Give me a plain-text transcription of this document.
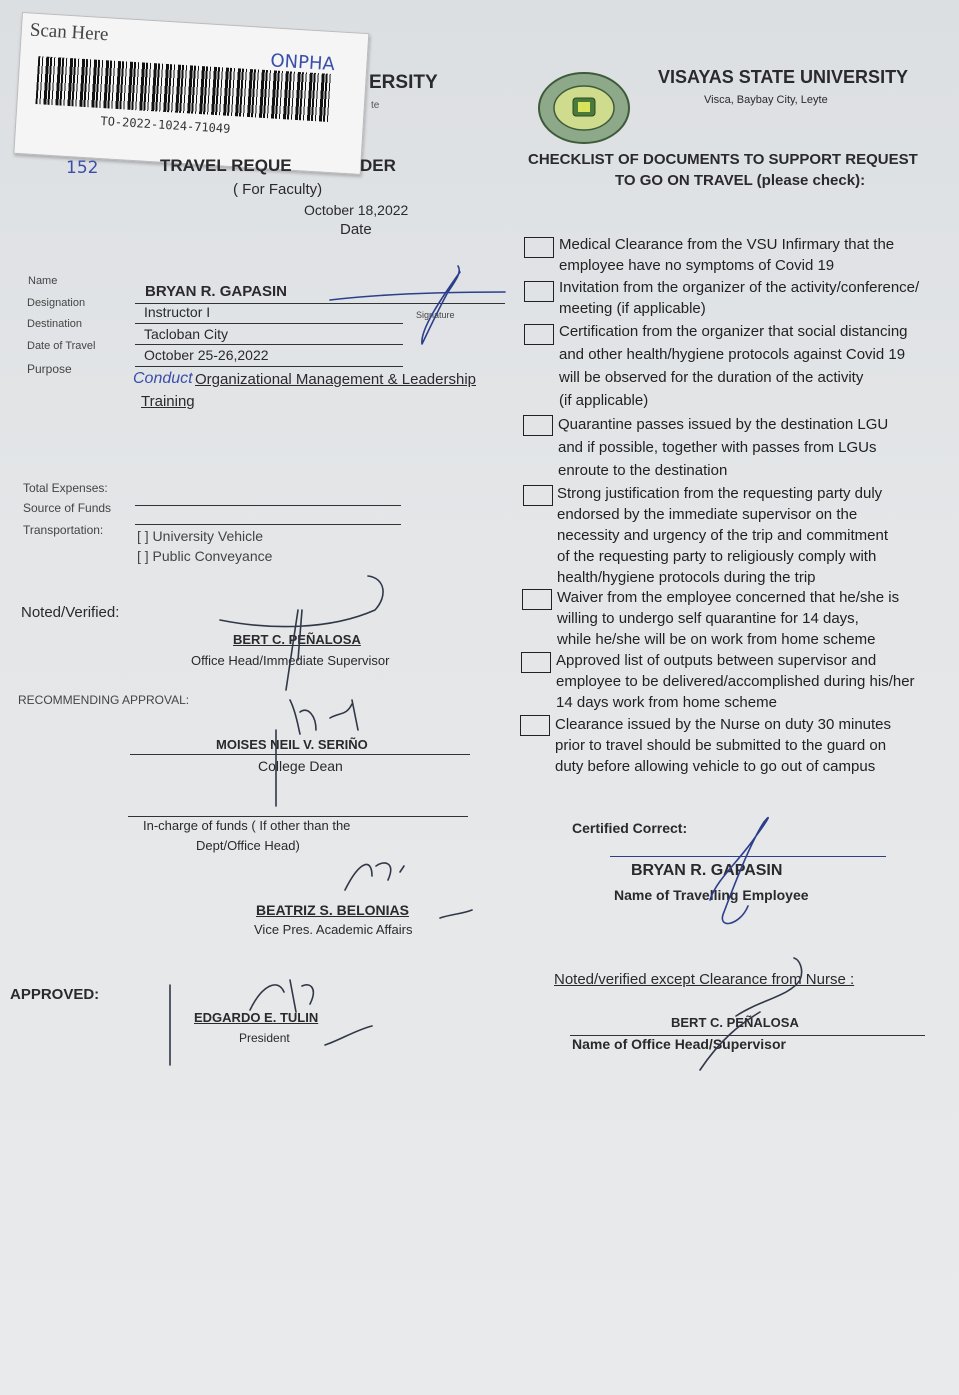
Scan Here
ONPHA
TO-2022-1024-71049
ERSITY
te
152	TRAVEL REQUE	DER
( For Faculty)
October 18,2022
Date
VISAYAS STATE UNIVERSITY
Visca, Baybay City, Leyte
Name
BRYAN R. GAPASIN
Signature
Designation
Instructor I
Destination
Tacloban City
Date of Travel
October 25-26,2022
Purpose
Conduct Organizational Management & Leadership
Training
Total Expenses:
Source of Funds
Transportation: [ ] University Vehicle
[ ] Public Conveyance
Noted/Verified:
BERT C. PEÑALOSA
Office Head/Immediate Supervisor
RECOMMENDING APPROVAL:
MOISES NEIL V. SERIÑO
College Dean
In-charge of funds ( If other than the
Dept/Office Head)
BEATRIZ S. BELONIAS
Vice Pres. Academic Affairs
APPROVED:
EDGARDO E. TULIN
President
CHECKLIST OF DOCUMENTS TO SUPPORT REQUEST
TO GO ON TRAVEL (please check):
Medical Clearance from the VSU Infirmary that the
employee have no symptoms of Covid 19
Invitation from the organizer of the activity/conference/
meeting (if applicable)
Certification from the organizer that social distancing
and other health/hygiene protocols against Covid 19
will be observed for the duration of the activity
(if applicable)
Quarantine passes issued by the destination LGU
and if possible, together with passes from LGUs
enroute to the destination
Strong justification from the requesting party duly
endorsed by the immediate supervisor on the
necessity and urgency of the trip and commitment
of the requesting party to religiously comply with
health/hygiene protocols during the trip
Waiver from the employee concerned that he/she is
willing to undergo self quarantine for 14 days,
while he/she will be on work from home scheme
Approved list of outputs between supervisor and
employee to be delivered/accomplished during his/her
14 days work from home scheme
Clearance issued by the Nurse on duty 30 minutes
prior to travel should be submitted to the guard on
duty before allowing vehicle to go out of campus
Certified Correct:
BRYAN R. GAPASIN
Name of Travelling Employee
Noted/verified except Clearance from Nurse :
BERT C. PEÑALOSA
Name of Office Head/Supervisor
